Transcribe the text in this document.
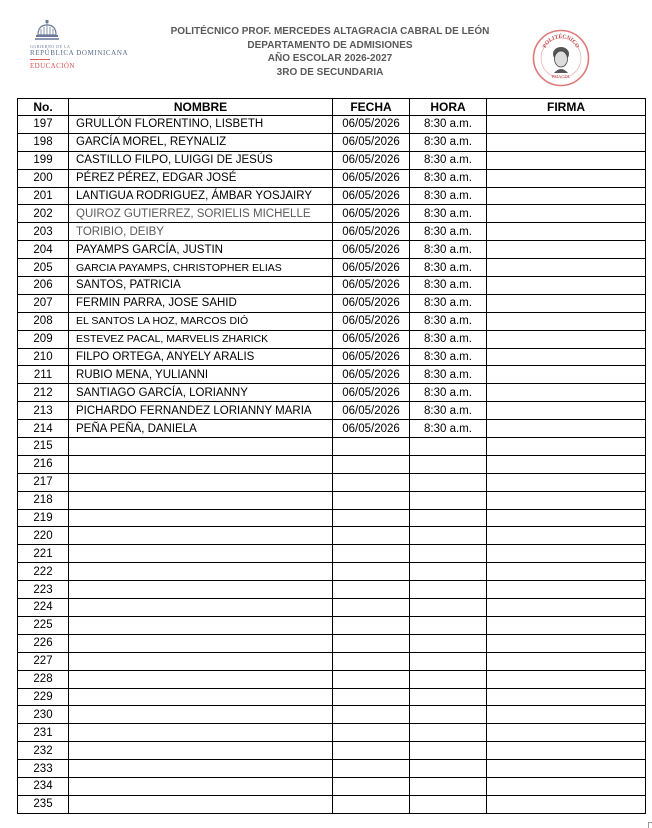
GOBIERNO DE LA
REPÚBLICA DOMINICANA
EDUCACIÓN
POLITÉCNICO PROF. MERCEDES ALTAGRACIA CABRAL DE LEÓN
DEPARTAMENTO DE ADMISIONES
AÑO ESCOLAR 2026-2027
3RO DE SECUNDARIA
POLITÉCNICO
PMACDL
No.	NOMBRE	FECHA	HORA	FIRMA
197	GRULLÓN FLORENTINO, LISBETH	06/05/2026	8:30 a.m.	
198	GARCÍA MOREL, REYNALIZ	06/05/2026	8:30 a.m.	
199	CASTILLO FILPO, LUIGGI DE JESÚS	06/05/2026	8:30 a.m.	
200	PÉREZ PÉREZ, EDGAR JOSÉ	06/05/2026	8:30 a.m.	
201	LANTIGUA RODRIGUEZ, ÁMBAR YOSJAIRY	06/05/2026	8:30 a.m.	
202	QUIROZ GUTIERREZ, SORIELIS MICHELLE	06/05/2026	8:30 a.m.	
203	TORIBIO, DEIBY	06/05/2026	8:30 a.m.	
204	PAYAMPS GARCÍA, JUSTIN	06/05/2026	8:30 a.m.	
205	GARCIA PAYAMPS, CHRISTOPHER ELIAS	06/05/2026	8:30 a.m.	
206	SANTOS, PATRICIA	06/05/2026	8:30 a.m.	
207	FERMIN PARRA, JOSE SAHID	06/05/2026	8:30 a.m.	
208	EL SANTOS LA HOZ, MARCOS DIÓ	06/05/2026	8:30 a.m.	
209	ESTEVEZ PACAL, MARVELIS ZHARICK	06/05/2026	8:30 a.m.	
210	FILPO ORTEGA, ANYELY ARALIS	06/05/2026	8:30 a.m.	
211	RUBIO MENA, YULIANNI	06/05/2026	8:30 a.m.	
212	SANTIAGO GARCÍA, LORIANNY	06/05/2026	8:30 a.m.	
213	PICHARDO FERNANDEZ LORIANNY MARIA	06/05/2026	8:30 a.m.	
214	PEÑA PEÑA, DANIELA	06/05/2026	8:30 a.m.	
215				
216				
217				
218				
219				
220				
221				
222				
223				
224				
225				
226				
227				
228				
229				
230				
231				
232				
233				
234				
235				
